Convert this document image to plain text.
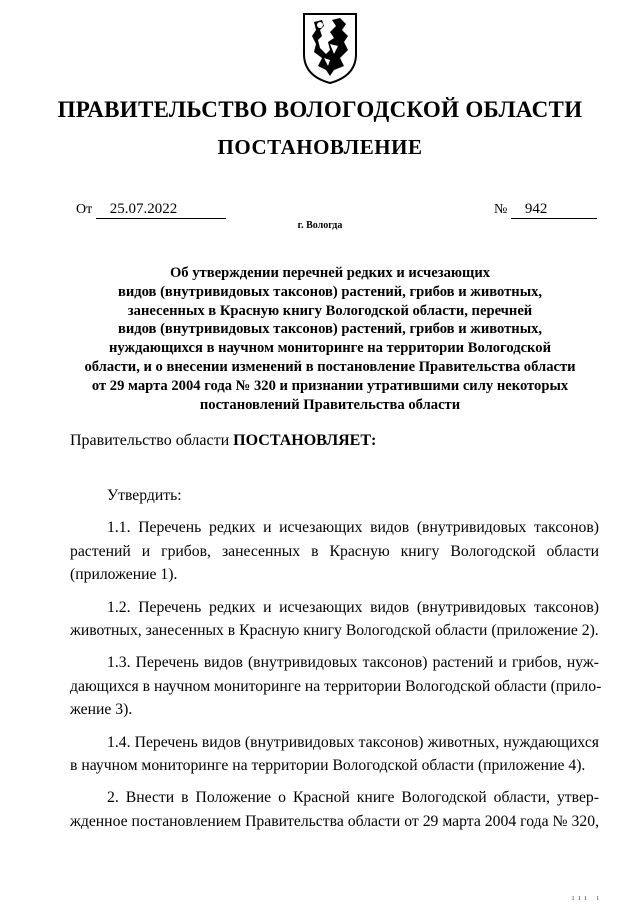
ПРАВИТЕЛЬСТВО ВОЛОГОДСКОЙ ОБЛАСТИ
ПОСТАНОВЛЕНИЕ
От 25.07.2022	№ 942
г. Вологда
Об утверждении перечней редких и исчезающих
видов (внутривидовых таксонов) растений, грибов и животных,
занесенных в Красную книгу Вологодской области, перечней
видов (внутривидовых таксонов) растений, грибов и животных,
нуждающихся в научном мониторинге на территории Вологодской
области, и о внесении изменений в постановление Правительства области
от 29 марта 2004 года № 320 и признании утратившими силу некоторых
постановлений Правительства области
Правительство области ПОСТАНОВЛЯЕТ:
Утвердить:
1.1. Перечень редких и исчезающих видов (внутривидовых таксонов)
растений и грибов, занесенных в Красную книгу Вологодской области
(приложение 1).
1.2. Перечень редких и исчезающих видов (внутривидовых таксонов)
животных, занесенных в Красную книгу Вологодской области (приложение 2).
1.3. Перечень видов (внутривидовых таксонов) растений и грибов, нуж-
дающихся в научном мониторинге на территории Вологодской области (прило-
жение 3).
1.4. Перечень видов (внутривидовых таксонов) животных, нуждающихся
в научном мониторинге на территории Вологодской области (приложение 4).
2. Внести в Положение о Красной книге Вологодской области, утвер-
жденное постановлением Правительства области от 29 марта 2004 года № 320,
ı ı ı   ı
